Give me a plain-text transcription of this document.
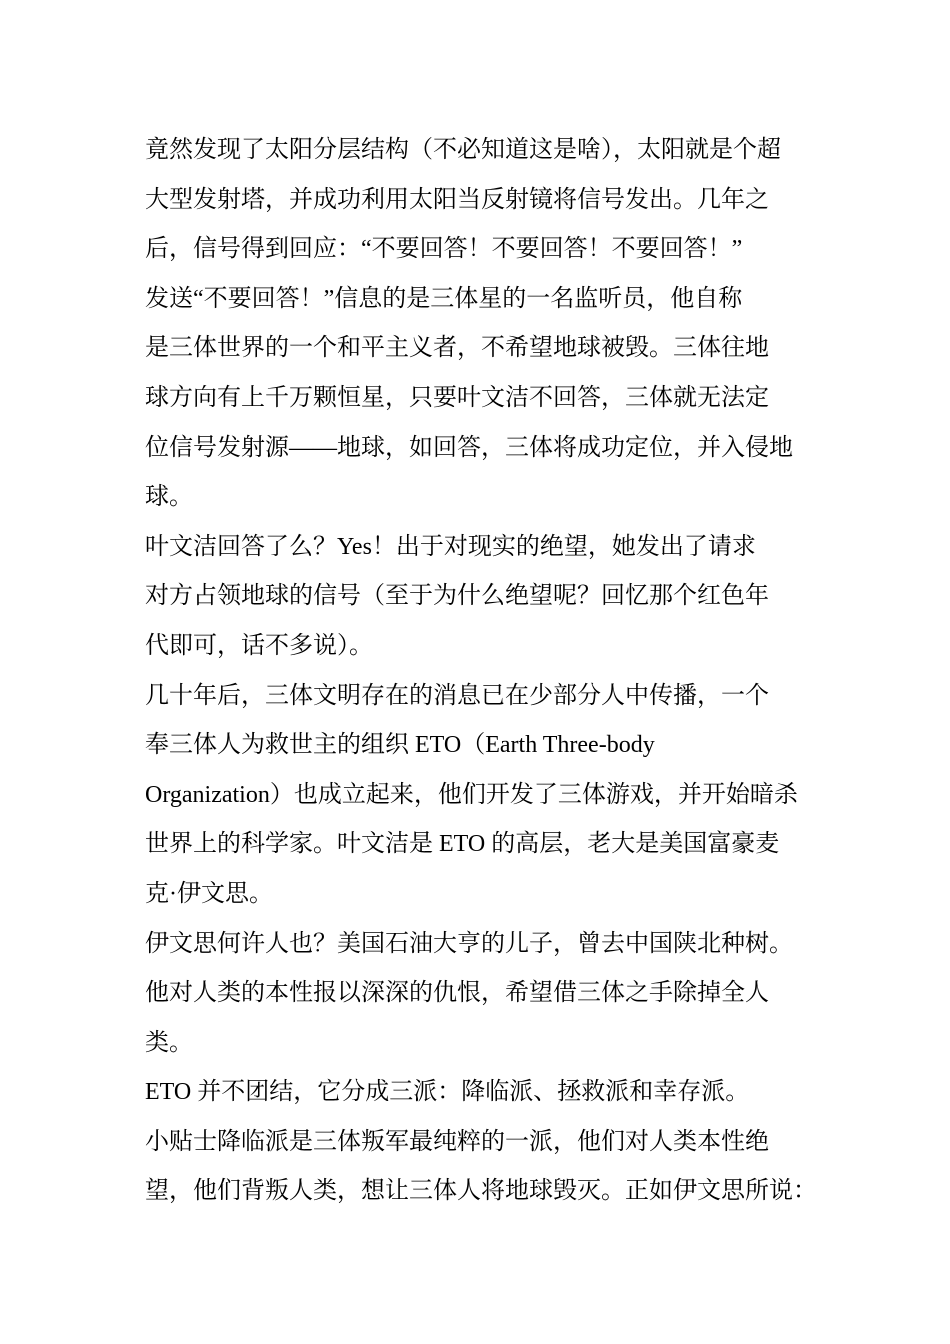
竟然发现了太阳分层结构（不必知道这是啥），太阳就是个超
大型发射塔，并成功利用太阳当反射镜将信号发出。几年之
后，信号得到回应：“不要回答！不要回答！不要回答！”
发送“不要回答！”信息的是三体星的一名监听员，他自称
是三体世界的一个和平主义者，不希望地球被毁。三体往地
球方向有上千万颗恒星，只要叶文洁不回答，三体就无法定
位信号发射源——地球，如回答，三体将成功定位，并入侵地
球。
叶文洁回答了么？Yes！出于对现实的绝望，她发出了请求
对方占领地球的信号（至于为什么绝望呢？回忆那个红色年
代即可，话不多说）。
几十年后，三体文明存在的消息已在少部分人中传播，一个
奉三体人为救世主的组织 ETO（Earth Three-body
Organization）也成立起来，他们开发了三体游戏，并开始暗杀
世界上的科学家。叶文洁是 ETO 的高层，老大是美国富豪麦
克·伊文思。
伊文思何许人也？美国石油大亨的儿子，曾去中国陕北种树。
他对人类的本性报以深深的仇恨，希望借三体之手除掉全人
类。
ETO 并不团结，它分成三派：降临派、拯救派和幸存派。
小贴士降临派是三体叛军最纯粹的一派，他们对人类本性绝
望，他们背叛人类，想让三体人将地球毁灭。正如伊文思所说：
